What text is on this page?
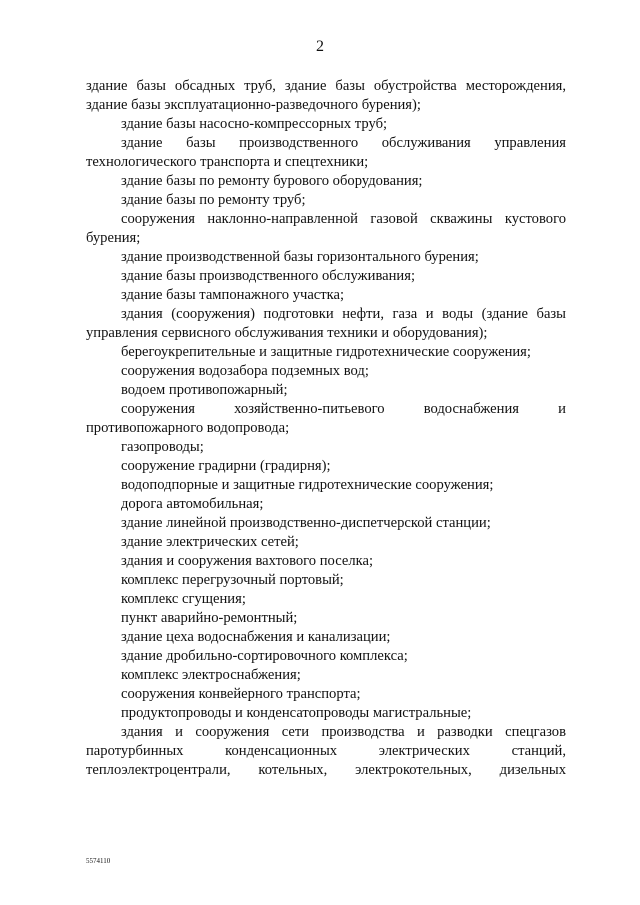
2

здание базы обсадных труб, здание базы обустройства месторождения, здание базы эксплуатационно-разведочного бурения);

здание базы насосно-компрессорных труб;

здание базы производственного обслуживания управления технологического транспорта и спецтехники;

здание базы по ремонту бурового оборудования;

здание базы по ремонту труб;

сооружения наклонно-направленной газовой скважины кустового бурения;

здание производственной базы горизонтального бурения;

здание базы производственного обслуживания;

здание базы тампонажного участка;

здания (сооружения) подготовки нефти, газа и воды (здание базы управления сервисного обслуживания техники и оборудования);

берегоукрепительные и защитные гидротехнические сооружения;

сооружения водозабора подземных вод;

водоем противопожарный;

сооружения хозяйственно-питьевого водоснабжения и противопожарного водопровода;

газопроводы;

сооружение градирни (градирня);

водоподпорные и защитные гидротехнические сооружения;

дорога автомобильная;

здание линейной производственно-диспетчерской станции;

здание электрических сетей;

здания и сооружения вахтового поселка;

комплекс перегрузочный портовый;

комплекс сгущения;

пункт аварийно-ремонтный;

здание цеха водоснабжения и канализации;

здание дробильно-сортировочного комплекса;

комплекс электроснабжения;

сооружения конвейерного транспорта;

продуктопроводы и конденсатопроводы магистральные;

здания и сооружения сети производства и разводки спецгазов паротурбинных конденсационных электрических станций, теплоэлектроцентрали, котельных, электрокотельных, дизельных

5574110
